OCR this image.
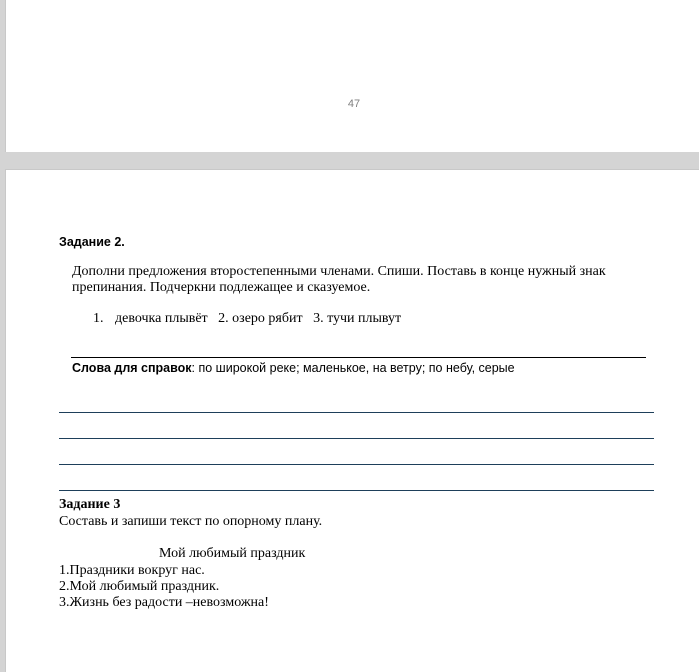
47
Задание 2.
Дополни предложения второстепенными членами. Спиши. Поставь в конце нужный знак
препинания. Подчеркни подлежащее и сказуемое.
1. девочка плывёт   2. озеро рябит   3. тучи плывут
Слова для справок: по широкой реке; маленькое, на ветру; по небу, серые
Задание 3
Составь и запиши текст по опорному плану.
Мой любимый праздник
1.Праздники вокруг нас.
2.Мой любимый праздник.
3.Жизнь без радости –невозможна!
